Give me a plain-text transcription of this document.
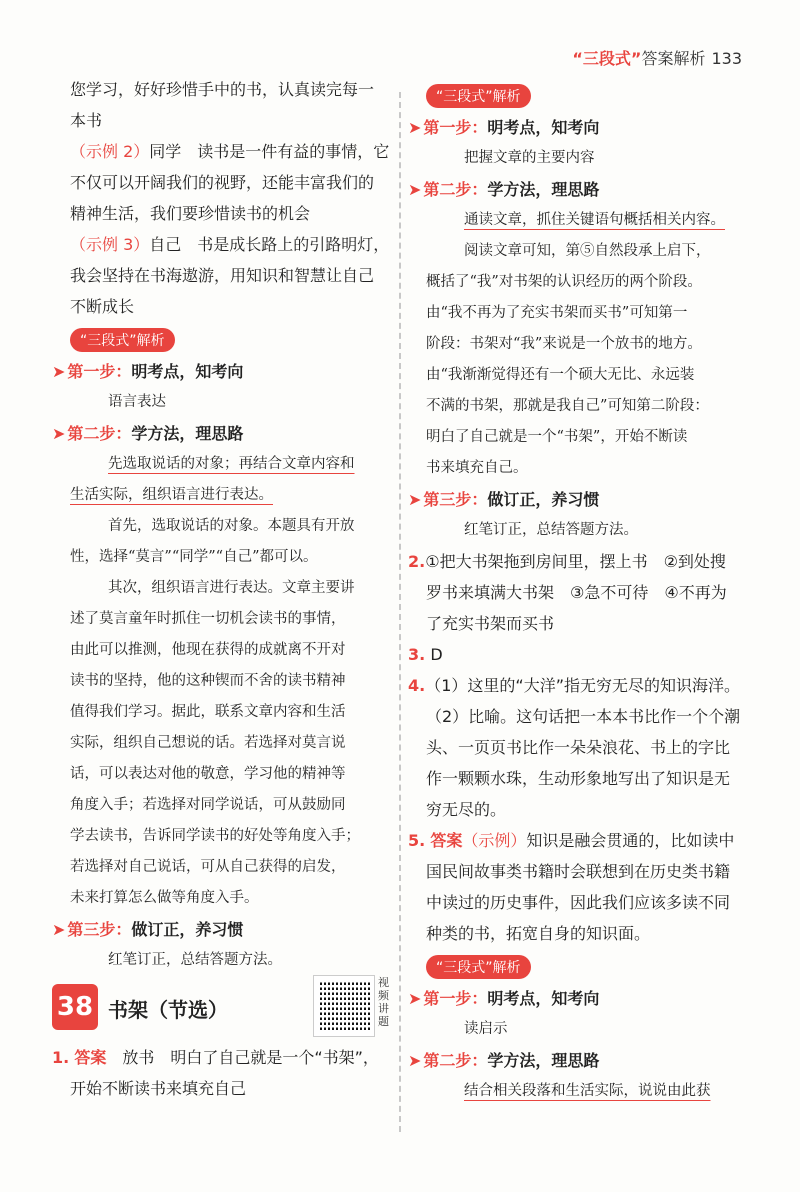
“三段式”答案解析 133
您学习，好好珍惜手中的书，认真读完每一
本书
（示例 2）同学　读书是一件有益的事情，它
不仅可以开阔我们的视野，还能丰富我们的
精神生活，我们要珍惜读书的机会
（示例 3）自己　书是成长路上的引路明灯，
我会坚持在书海遨游，用知识和智慧让自己
不断成长
“三段式”解析
➤ 第一步：明考点，知考向
语言表达
➤ 第二步：学方法，理思路
先选取说话的对象；再结合文章内容和
生活实际，组织语言进行表达。
首先，选取说话的对象。本题具有开放
性，选择“莫言”“同学”“自己”都可以。
其次，组织语言进行表达。文章主要讲
述了莫言童年时抓住一切机会读书的事情，
由此可以推测，他现在获得的成就离不开对
读书的坚持，他的这种锲而不舍的读书精神
值得我们学习。据此，联系文章内容和生活
实际，组织自己想说的话。若选择对莫言说
话，可以表达对他的敬意，学习他的精神等
角度入手；若选择对同学说话，可从鼓励同
学去读书，告诉同学读书的好处等角度入手；
若选择对自己说话，可从自己获得的启发，
未来打算怎么做等角度入手。
➤ 第三步：做订正，养习惯
红笔订正，总结答题方法。
38 书架（节选）
视频讲题
1. 答案　 放书　明白了自己就是一个“书架”，
开始不断读书来填充自己
“三段式”解析
➤ 第一步：明考点，知考向
把握文章的主要内容
➤ 第二步：学方法，理思路
通读文章，抓住关键语句概括相关内容。
阅读文章可知，第⑤自然段承上启下，
概括了“我”对书架的认识经历的两个阶段。
由“我不再为了充实书架而买书”可知第一
阶段：书架对“我”来说是一个放书的地方。
由“我渐渐觉得还有一个硕大无比、永远装
不满的书架，那就是我自己”可知第二阶段：
明白了自己就是一个“书架”，开始不断读
书来填充自己。
➤ 第三步：做订正，养习惯
红笔订正，总结答题方法。
2.①把大书架拖到房间里，摆上书　②到处搜
罗书来填满大书架　③急不可待　④不再为
了充实书架而买书
3. D
4.（1）这里的“大洋”指无穷无尽的知识海洋。
（2）比喻。这句话把一本本书比作一个个潮
头、一页页书比作一朵朵浪花、书上的字比
作一颗颗水珠，生动形象地写出了知识是无
穷无尽的。
5. 答案（示例）知识是融会贯通的，比如读中
国民间故事类书籍时会联想到在历史类书籍
中读过的历史事件，因此我们应该多读不同
种类的书，拓宽自身的知识面。
“三段式”解析
➤ 第一步：明考点，知考向
读启示
➤ 第二步：学方法，理思路
结合相关段落和生活实际，说说由此获
